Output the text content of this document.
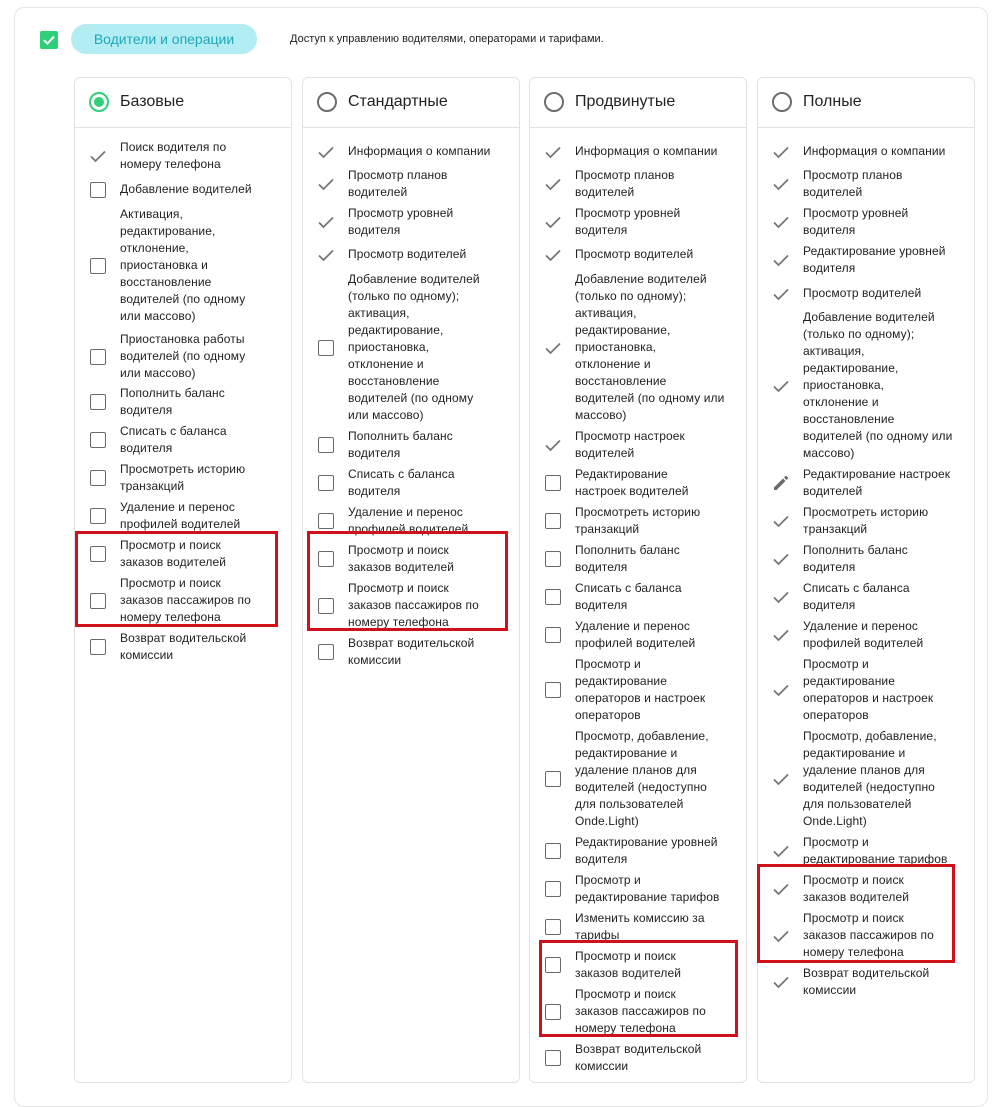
Водители и операции	Доступ к управлению водителями, операторами и тарифами.
Базовые
Поиск водителя по
номеру телефона
Добавление водителей
Активация,
редактирование,
отклонение,
приостановка и
восстановление
водителей (по одному
или массово)
Приостановка работы
водителей (по одному
или массово)
Пополнить баланс
водителя
Списать с баланса
водителя
Просмотреть историю
транзакций
Удаление и перенос
профилей водителей
Просмотр и поиск
заказов водителей
Просмотр и поиск
заказов пассажиров по
номеру телефона
Возврат водительской
комиссии
Стандартные
Информация о компании
Просмотр планов
водителей
Просмотр уровней
водителя
Просмотр водителей
Добавление водителей
(только по одному);
активация,
редактирование,
приостановка,
отклонение и
восстановление
водителей (по одному
или массово)
Пополнить баланс
водителя
Списать с баланса
водителя
Удаление и перенос
профилей водителей
Просмотр и поиск
заказов водителей
Просмотр и поиск
заказов пассажиров по
номеру телефона
Возврат водительской
комиссии
Продвинутые
Информация о компании
Просмотр планов
водителей
Просмотр уровней
водителя
Просмотр водителей
Добавление водителей
(только по одному);
активация,
редактирование,
приостановка,
отклонение и
восстановление
водителей (по одному или
массово)
Просмотр настроек
водителей
Редактирование
настроек водителей
Просмотреть историю
транзакций
Пополнить баланс
водителя
Списать с баланса
водителя
Удаление и перенос
профилей водителей
Просмотр и
редактирование
операторов и настроек
операторов
Просмотр, добавление,
редактирование и
удаление планов для
водителей (недоступно
для пользователей
Onde.Light)
Редактирование уровней
водителя
Просмотр и
редактирование тарифов
Изменить комиссию за
тарифы
Просмотр и поиск
заказов водителей
Просмотр и поиск
заказов пассажиров по
номеру телефона
Возврат водительской
комиссии
Полные
Информация о компании
Просмотр планов
водителей
Просмотр уровней
водителя
Редактирование уровней
водителя
Просмотр водителей
Добавление водителей
(только по одному);
активация,
редактирование,
приостановка,
отклонение и
восстановление
водителей (по одному или
массово)
Редактирование настроек
водителей
Просмотреть историю
транзакций
Пополнить баланс
водителя
Списать с баланса
водителя
Удаление и перенос
профилей водителей
Просмотр и
редактирование
операторов и настроек
операторов
Просмотр, добавление,
редактирование и
удаление планов для
водителей (недоступно
для пользователей
Onde.Light)
Просмотр и
редактирование тарифов
Просмотр и поиск
заказов водителей
Просмотр и поиск
заказов пассажиров по
номеру телефона
Возврат водительской
комиссии
